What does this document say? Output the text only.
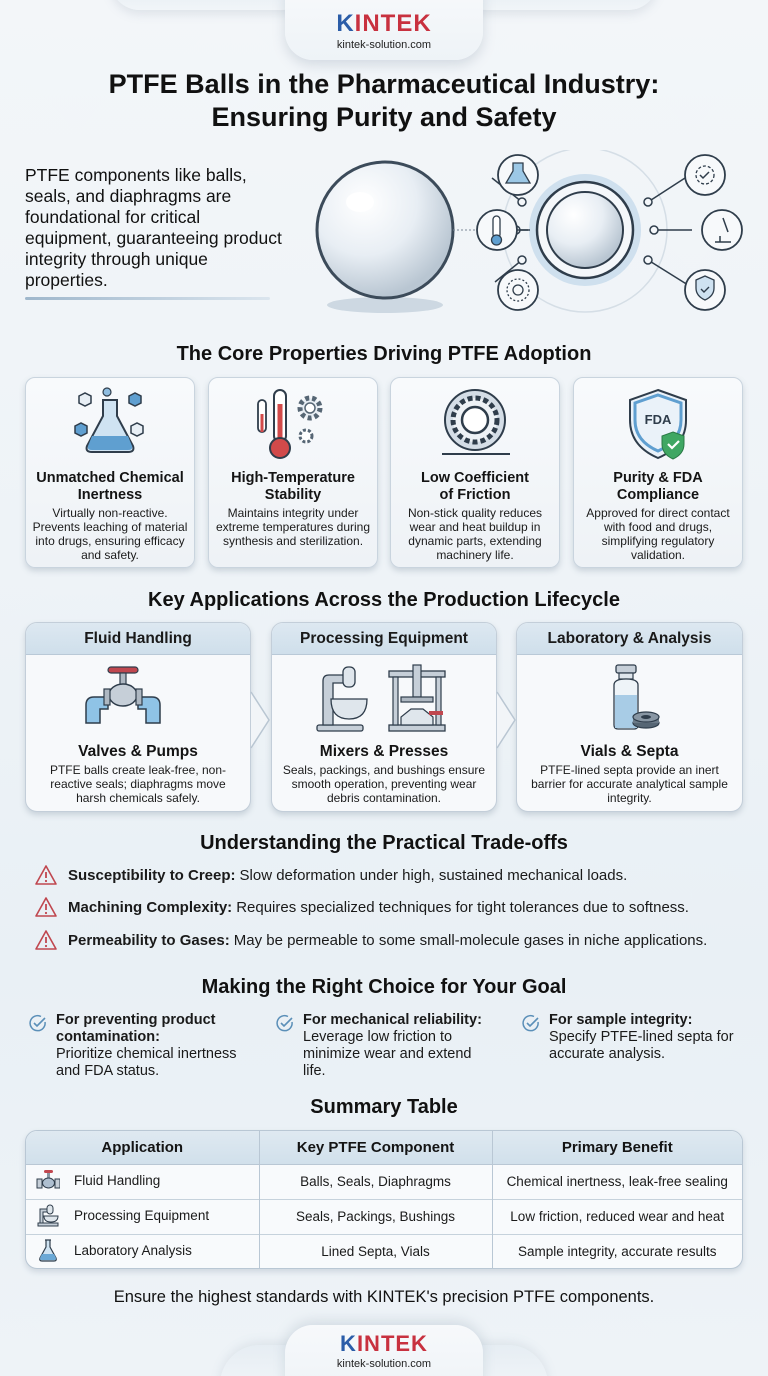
KINTEK
kintek-solution.com
PTFE Balls in the Pharmaceutical Industry:
Ensuring Purity and Safety
PTFE components like balls, seals, and diaphragms are foundational for critical equipment, guaranteeing product integrity through unique properties.
The Core Properties Driving PTFE Adoption
Unmatched Chemical
Inertness

Virtually non-reactive. Prevents leaching of material into drugs, ensuring efficacy and safety.

High-Temperature
Stability

Maintains integrity under extreme temperatures during synthesis and sterilization.

Low Coefficient
of Friction

Non-stick quality reduces wear and heat buildup in dynamic parts, extending machinery life.

FDA
Purity & FDA
Compliance

Approved for direct contact with food and drugs, simplifying regulatory validation.

Key Applications Across the Production Lifecycle
Fluid Handling
Valves & Pumps

PTFE balls create leak-free, non-reactive seals; diaphragms move harsh chemicals safely.

Processing Equipment
Mixers & Presses

Seals, packings, and bushings ensure smooth operation, preventing wear debris contamination.

Laboratory & Analysis
Vials & Septa

PTFE-lined septa provide an inert barrier for accurate analytical sample integrity.

Understanding the Practical Trade-offs
Susceptibility to Creep: Slow deformation under high, sustained mechanical loads.
Machining Complexity: Requires specialized techniques for tight tolerances due to softness.
Permeability to Gases: May be permeable to some small-molecule gases in niche applications.
Making the Right Choice for Your Goal
For preventing product
contamination:
Prioritize chemical inertness
and FDA status.
For mechanical reliability:
Leverage low friction to
minimize wear and extend
life.
For sample integrity:
Specify PTFE-lined septa for
accurate analysis.
Summary Table
Application	Key PTFE Component	Primary Benefit
Fluid Handling	Balls, Seals, Diaphragms	Chemical inertness, leak-free sealing
Processing Equipment	Seals, Packings, Bushings	Low friction, reduced wear and heat
Laboratory Analysis	Lined Septa, Vials	Sample integrity, accurate results
Ensure the highest standards with KINTEK's precision PTFE components.
KINTEK
kintek-solution.com
